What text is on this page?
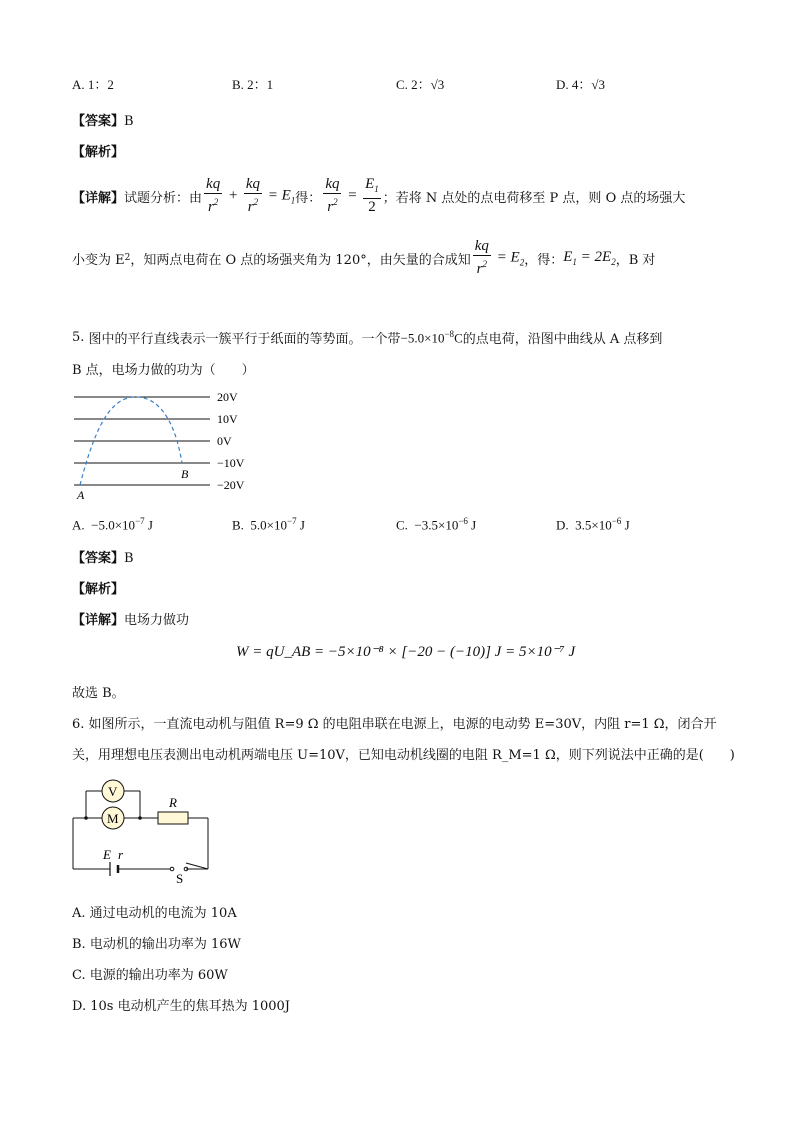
A. 1：2	B. 2：1	C. 2：√3	D. 4：√3
【答案】B
【解析】
【详解】 试题分析：由 $\frac{kq}{r^2} + \frac{kq}{r^2} = E_1$ 得： $\frac{kq}{r^2} = \frac{E_1}{2}$ ；若将 N 点处的点电荷移至 P 点，则 O 点的场强大
小变为 E 2 ，知两点电荷在 O 点的场强夹角为 120°，由矢量的合成知 $\frac{kq}{r^2} = E_2$ ，得： $E_1 = 2E_2$ ，B 对
5.
图中的平行直线表示一簇平行于纸面的等势面。一个带 $-5.0\times 10^{-8}C$ 的点电荷，沿图中曲线从 A 点移到
B 点，电场力做的功为（　　）
20V
10V
0V
−10V
−20V
A
B
A. $-5.0\times 10^{-7}$ J	B. $5.0\times 10^{-7}$ J	C. $-3.5\times 10^{-6}$ J	D. $3.5\times 10^{-6}$ J
【答案】B
【解析】
【详解】电场力做功
W = qU_AB = −5×10⁻⁸ × [−20 − (−10)] J = 5×10⁻⁷ J
故选 B。
6. 如图所示，一直流电动机与阻值 R=9 Ω 的电阻串联在电源上，电源的电动势 E=30V，内阻 r=1 Ω，闭合开
关，用理想电压表测出电动机两端电压 U=10V，已知电动机线圈的电阻 R_M=1 Ω，则下列说法中正确的是(　　)
V
M
R
E r
S
A. 通过电动机的电流为 10A
B. 电动机的输出功率为 16W
C. 电源的输出功率为 60W
D. 10s 电动机产生的焦耳热为 1000J
